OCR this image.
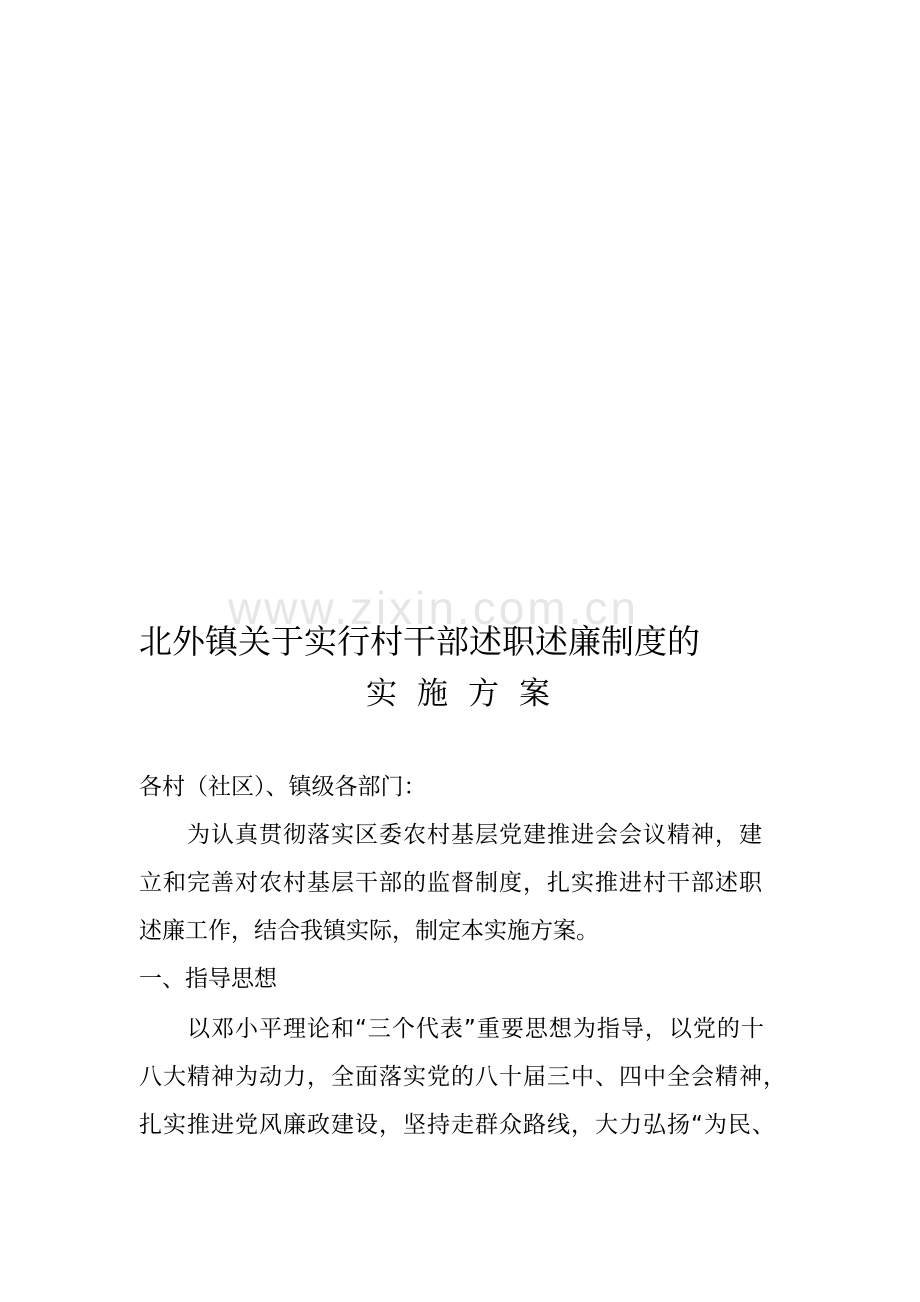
www.zixin.com.cn
北外镇关于实行村干部述职述廉制度的
实施方案
各村（社区）、镇级各部门：
为认真贯彻落实区委农村基层党建推进会会议精神，建
立和完善对农村基层干部的监督制度，扎实推进村干部述职
述廉工作，结合我镇实际，制定本实施方案。
一、指导思想
以邓小平理论和“三个代表”重要思想为指导，以党的十
八大精神为动力，全面落实党的八十届三中、四中全会精神，
扎实推进党风廉政建设，坚持走群众路线，大力弘扬“为民、
